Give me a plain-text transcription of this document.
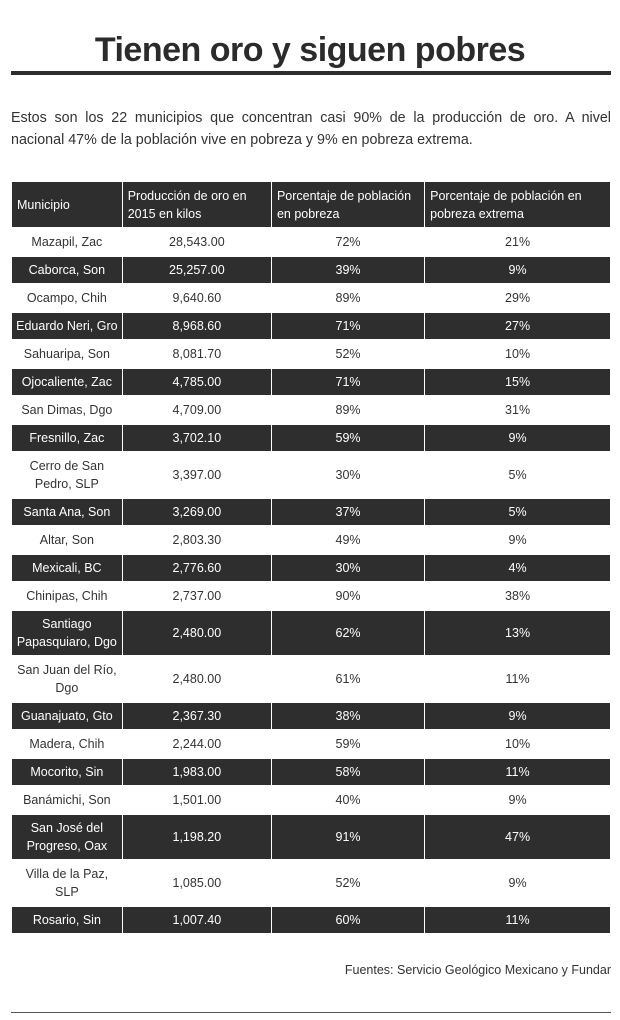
Tienen oro y siguen pobres

Estos son los 22 municipios que concentran casi 90% de la producción de oro. A nivel nacional 47% de la población vive en pobreza y 9% en pobreza extrema.

Municipio	Producción de oro en 2015 en kilos	Porcentaje de población en pobreza	Porcentaje de población en pobreza extrema
Mazapil, Zac	28,543.00	72%	21%
Caborca, Son	25,257.00	39%	9%
Ocampo, Chih	9,640.60	89%	29%
Eduardo Neri, Gro	8,968.60	71%	27%
Sahuaripa, Son	8,081.70	52%	10%
Ojocaliente, Zac	4,785.00	71%	15%
San Dimas, Dgo	4,709.00	89%	31%
Fresnillo, Zac	3,702.10	59%	9%
Cerro de San Pedro, SLP	3,397.00	30%	5%
Santa Ana, Son	3,269.00	37%	5%
Altar, Son	2,803.30	49%	9%
Mexicali, BC	2,776.60	30%	4%
Chinipas, Chih	2,737.00	90%	38%
Santiago Papasquiaro, Dgo	2,480.00	62%	13%
San Juan del Río, Dgo	2,480.00	61%	11%
Guanajuato, Gto	2,367.30	38%	9%
Madera, Chih	2,244.00	59%	10%
Mocorito, Sin	1,983.00	58%	11%
Banámichi, Son	1,501.00	40%	9%
San José del Progreso, Oax	1,198.20	91%	47%
Villa de la Paz, SLP	1,085.00	52%	9%
Rosario, Sin	1,007.40	60%	11%
Fuentes: Servicio Geológico Mexicano y Fundar
